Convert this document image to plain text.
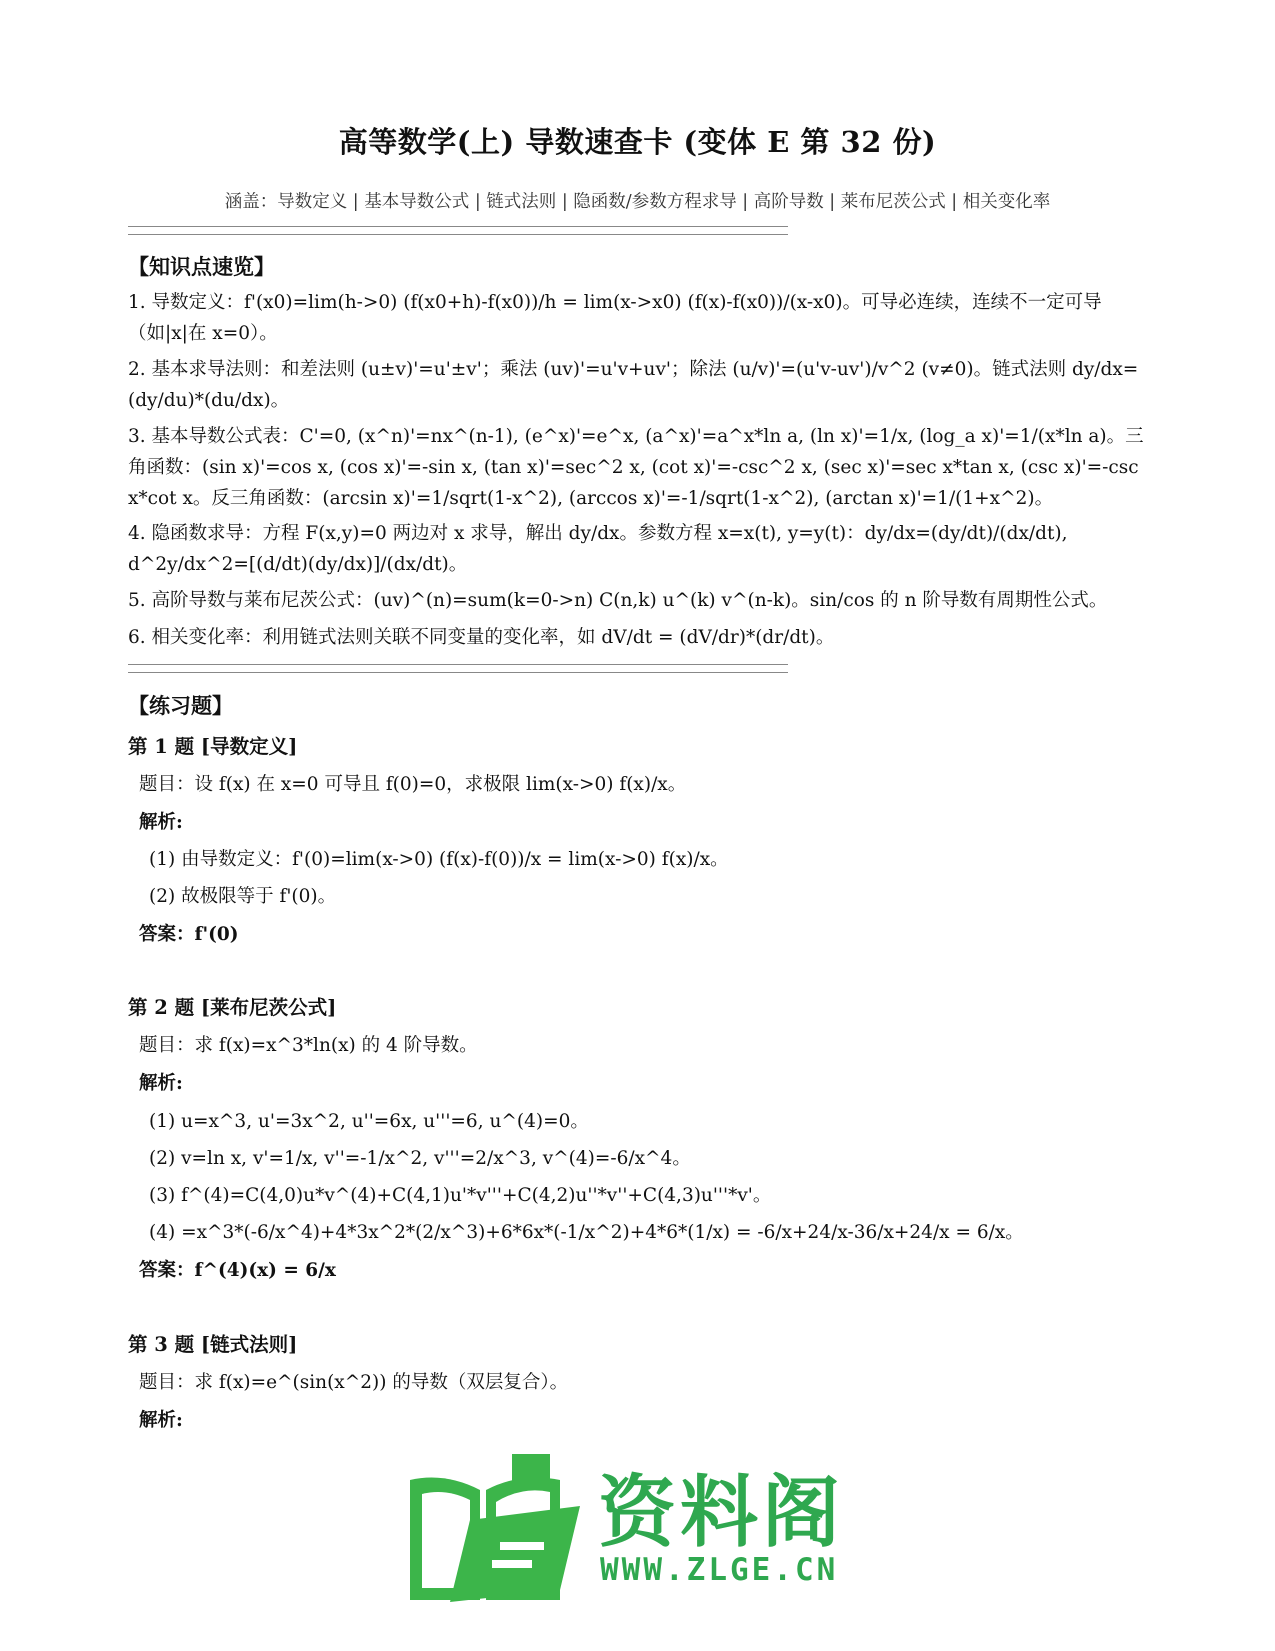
高等数学(上) 导数速查卡 (变体 E 第 32 份)
涵盖：导数定义 | 基本导数公式 | 链式法则 | 隐函数/参数方程求导 | 高阶导数 | 莱布尼茨公式 | 相关变化率
【知识点速览】
1. 导数定义：f'(x0)=lim(h->0) (f(x0+h)-f(x0))/h = lim(x->x0) (f(x)-f(x0))/(x-x0)。可导必连续，连续不一定可导（如|x|在 x=0）。
2. 基本求导法则：和差法则 (u±v)'=u'±v'；乘法 (uv)'=u'v+uv'；除法 (u/v)'=(u'v-uv')/v^2 (v≠0)。链式法则 dy/dx=(dy/du)*(du/dx)。
3. 基本导数公式表：C'=0, (x^n)'=nx^(n-1), (e^x)'=e^x, (a^x)'=a^x*ln a, (ln x)'=1/x, (log_a x)'=1/(x*ln a)。三角函数：(sin x)'=cos x, (cos x)'=-sin x, (tan x)'=sec^2 x, (cot x)'=-csc^2 x, (sec x)'=sec x*tan x, (csc x)'=-csc x*cot x。反三角函数：(arcsin x)'=1/sqrt(1-x^2), (arccos x)'=-1/sqrt(1-x^2), (arctan x)'=1/(1+x^2)。
4. 隐函数求导：方程 F(x,y)=0 两边对 x 求导，解出 dy/dx。参数方程 x=x(t), y=y(t)：dy/dx=(dy/dt)/(dx/dt), d^2y/dx^2=[(d/dt)(dy/dx)]/(dx/dt)。
5. 高阶导数与莱布尼茨公式：(uv)^(n)=sum(k=0->n) C(n,k) u^(k) v^(n-k)。sin/cos 的 n 阶导数有周期性公式。
6. 相关变化率：利用链式法则关联不同变量的变化率，如 dV/dt = (dV/dr)*(dr/dt)。
【练习题】
第 1 题 [导数定义]
题目：设 f(x) 在 x=0 可导且 f(0)=0，求极限 lim(x->0) f(x)/x。
解析:
(1) 由导数定义：f'(0)=lim(x->0) (f(x)-f(0))/x = lim(x->0) f(x)/x。
(2) 故极限等于 f'(0)。
答案：f'(0)
第 2 题 [莱布尼茨公式]
题目：求 f(x)=x^3*ln(x) 的 4 阶导数。
解析:
(1) u=x^3, u'=3x^2, u''=6x, u'''=6, u^(4)=0。
(2) v=ln x, v'=1/x, v''=-1/x^2, v'''=2/x^3, v^(4)=-6/x^4。
(3) f^(4)=C(4,0)u*v^(4)+C(4,1)u'*v'''+C(4,2)u''*v''+C(4,3)u'''*v'。
(4) =x^3*(-6/x^4)+4*3x^2*(2/x^3)+6*6x*(-1/x^2)+4*6*(1/x) = -6/x+24/x-36/x+24/x = 6/x。
答案：f^(4)(x) = 6/x
第 3 题 [链式法则]
题目：求 f(x)=e^(sin(x^2)) 的导数（双层复合）。
解析:
资料阁
WWW.ZLGE.CN
